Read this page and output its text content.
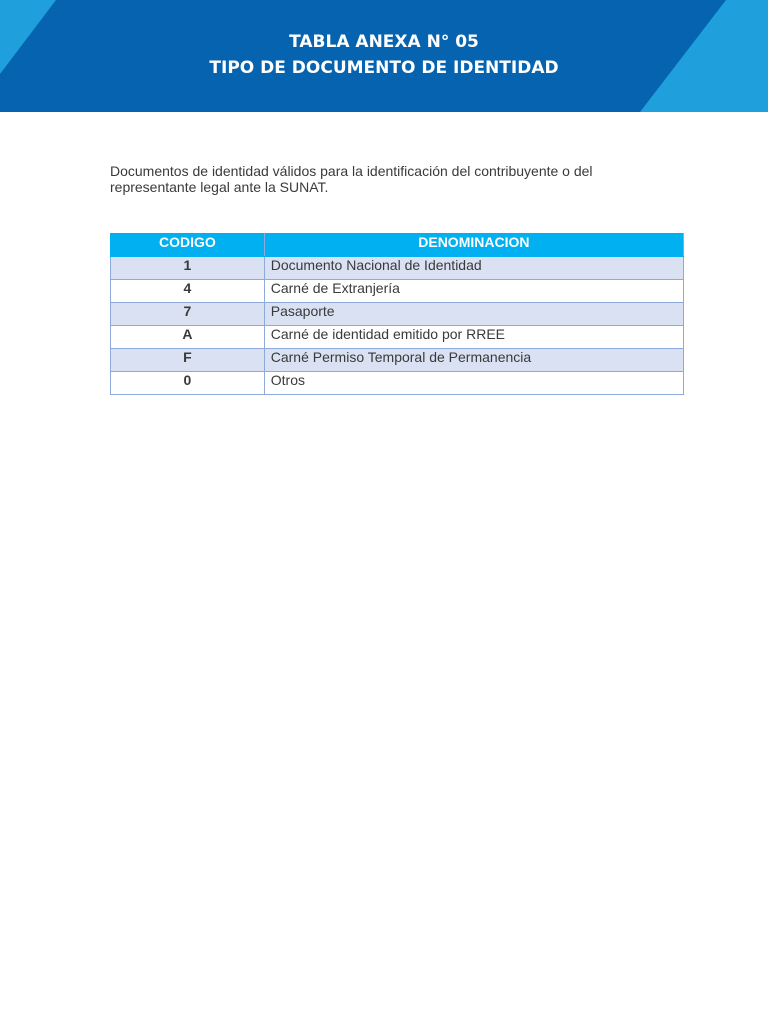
TABLA ANEXA N° 05
TIPO DE DOCUMENTO DE IDENTIDAD
Documentos de identidad válidos para la identificación del contribuyente o del
representante legal ante la SUNAT.
CODIGO	DENOMINACION
1	Documento Nacional de Identidad
4	Carné de Extranjería
7	Pasaporte
A	Carné de identidad emitido por RREE
F	Carné Permiso Temporal de Permanencia
0	Otros
